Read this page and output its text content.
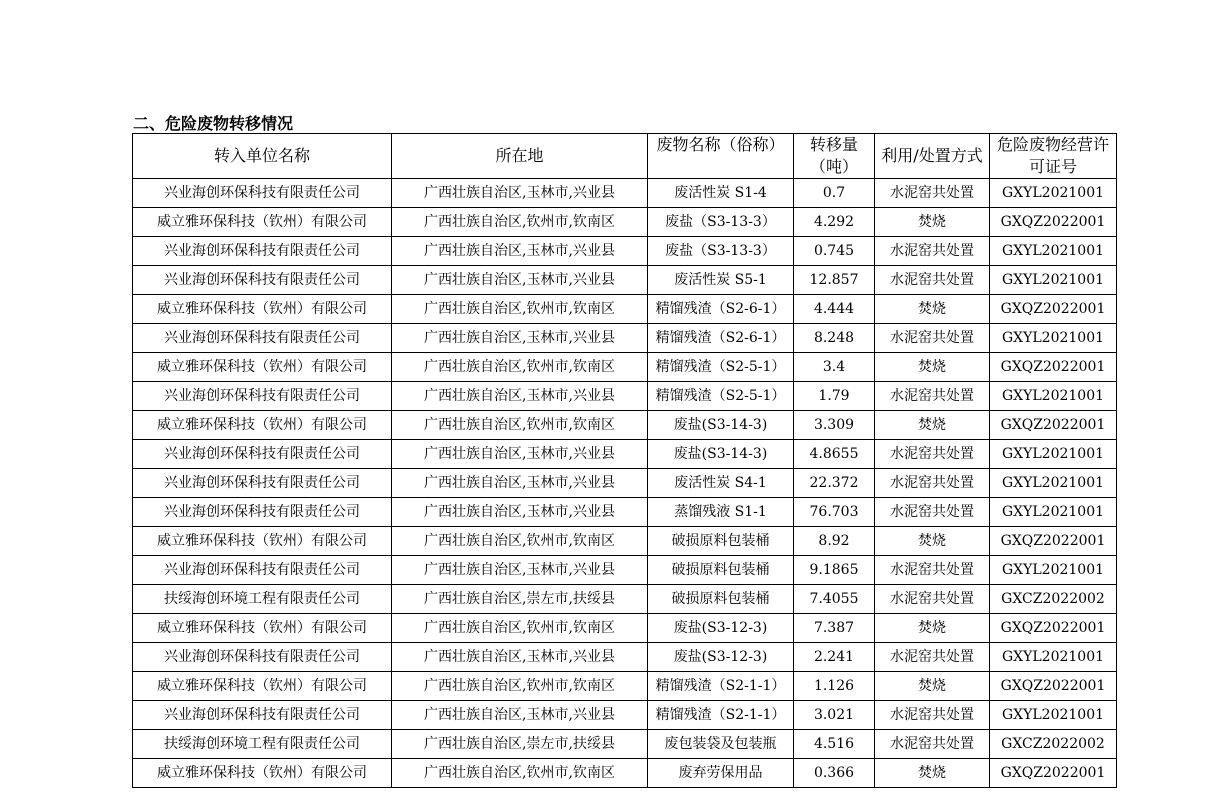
二、危险废物转移情况
转入单位名称	所在地	废物名称（俗称）	转移量（吨）	利用/处置方式	危险废物经营许可证号
兴业海创环保科技有限责任公司	广西壮族自治区,玉林市,兴业县	废活性炭 S1-4	0.7	水泥窑共处置	GXYL2021001
威立雅环保科技（钦州）有限公司	广西壮族自治区,钦州市,钦南区	废盐（S3-13-3）	4.292	焚烧	GXQZ2022001
兴业海创环保科技有限责任公司	广西壮族自治区,玉林市,兴业县	废盐（S3-13-3）	0.745	水泥窑共处置	GXYL2021001
兴业海创环保科技有限责任公司	广西壮族自治区,玉林市,兴业县	废活性炭 S5-1	12.857	水泥窑共处置	GXYL2021001
威立雅环保科技（钦州）有限公司	广西壮族自治区,钦州市,钦南区	精馏残渣（S2-6-1）	4.444	焚烧	GXQZ2022001
兴业海创环保科技有限责任公司	广西壮族自治区,玉林市,兴业县	精馏残渣（S2-6-1）	8.248	水泥窑共处置	GXYL2021001
威立雅环保科技（钦州）有限公司	广西壮族自治区,钦州市,钦南区	精馏残渣（S2-5-1）	3.4	焚烧	GXQZ2022001
兴业海创环保科技有限责任公司	广西壮族自治区,玉林市,兴业县	精馏残渣（S2-5-1）	1.79	水泥窑共处置	GXYL2021001
威立雅环保科技（钦州）有限公司	广西壮族自治区,钦州市,钦南区	废盐(S3-14-3)	3.309	焚烧	GXQZ2022001
兴业海创环保科技有限责任公司	广西壮族自治区,玉林市,兴业县	废盐(S3-14-3)	4.8655	水泥窑共处置	GXYL2021001
兴业海创环保科技有限责任公司	广西壮族自治区,玉林市,兴业县	废活性炭 S4-1	22.372	水泥窑共处置	GXYL2021001
兴业海创环保科技有限责任公司	广西壮族自治区,玉林市,兴业县	蒸馏残液 S1-1	76.703	水泥窑共处置	GXYL2021001
威立雅环保科技（钦州）有限公司	广西壮族自治区,钦州市,钦南区	破损原料包装桶	8.92	焚烧	GXQZ2022001
兴业海创环保科技有限责任公司	广西壮族自治区,玉林市,兴业县	破损原料包装桶	9.1865	水泥窑共处置	GXYL2021001
扶绥海创环境工程有限责任公司	广西壮族自治区,崇左市,扶绥县	破损原料包装桶	7.4055	水泥窑共处置	GXCZ2022002
威立雅环保科技（钦州）有限公司	广西壮族自治区,钦州市,钦南区	废盐(S3-12-3)	7.387	焚烧	GXQZ2022001
兴业海创环保科技有限责任公司	广西壮族自治区,玉林市,兴业县	废盐(S3-12-3)	2.241	水泥窑共处置	GXYL2021001
威立雅环保科技（钦州）有限公司	广西壮族自治区,钦州市,钦南区	精馏残渣（S2-1-1）	1.126	焚烧	GXQZ2022001
兴业海创环保科技有限责任公司	广西壮族自治区,玉林市,兴业县	精馏残渣（S2-1-1）	3.021	水泥窑共处置	GXYL2021001
扶绥海创环境工程有限责任公司	广西壮族自治区,崇左市,扶绥县	废包装袋及包装瓶	4.516	水泥窑共处置	GXCZ2022002
威立雅环保科技（钦州）有限公司	广西壮族自治区,钦州市,钦南区	废弃劳保用品	0.366	焚烧	GXQZ2022001
